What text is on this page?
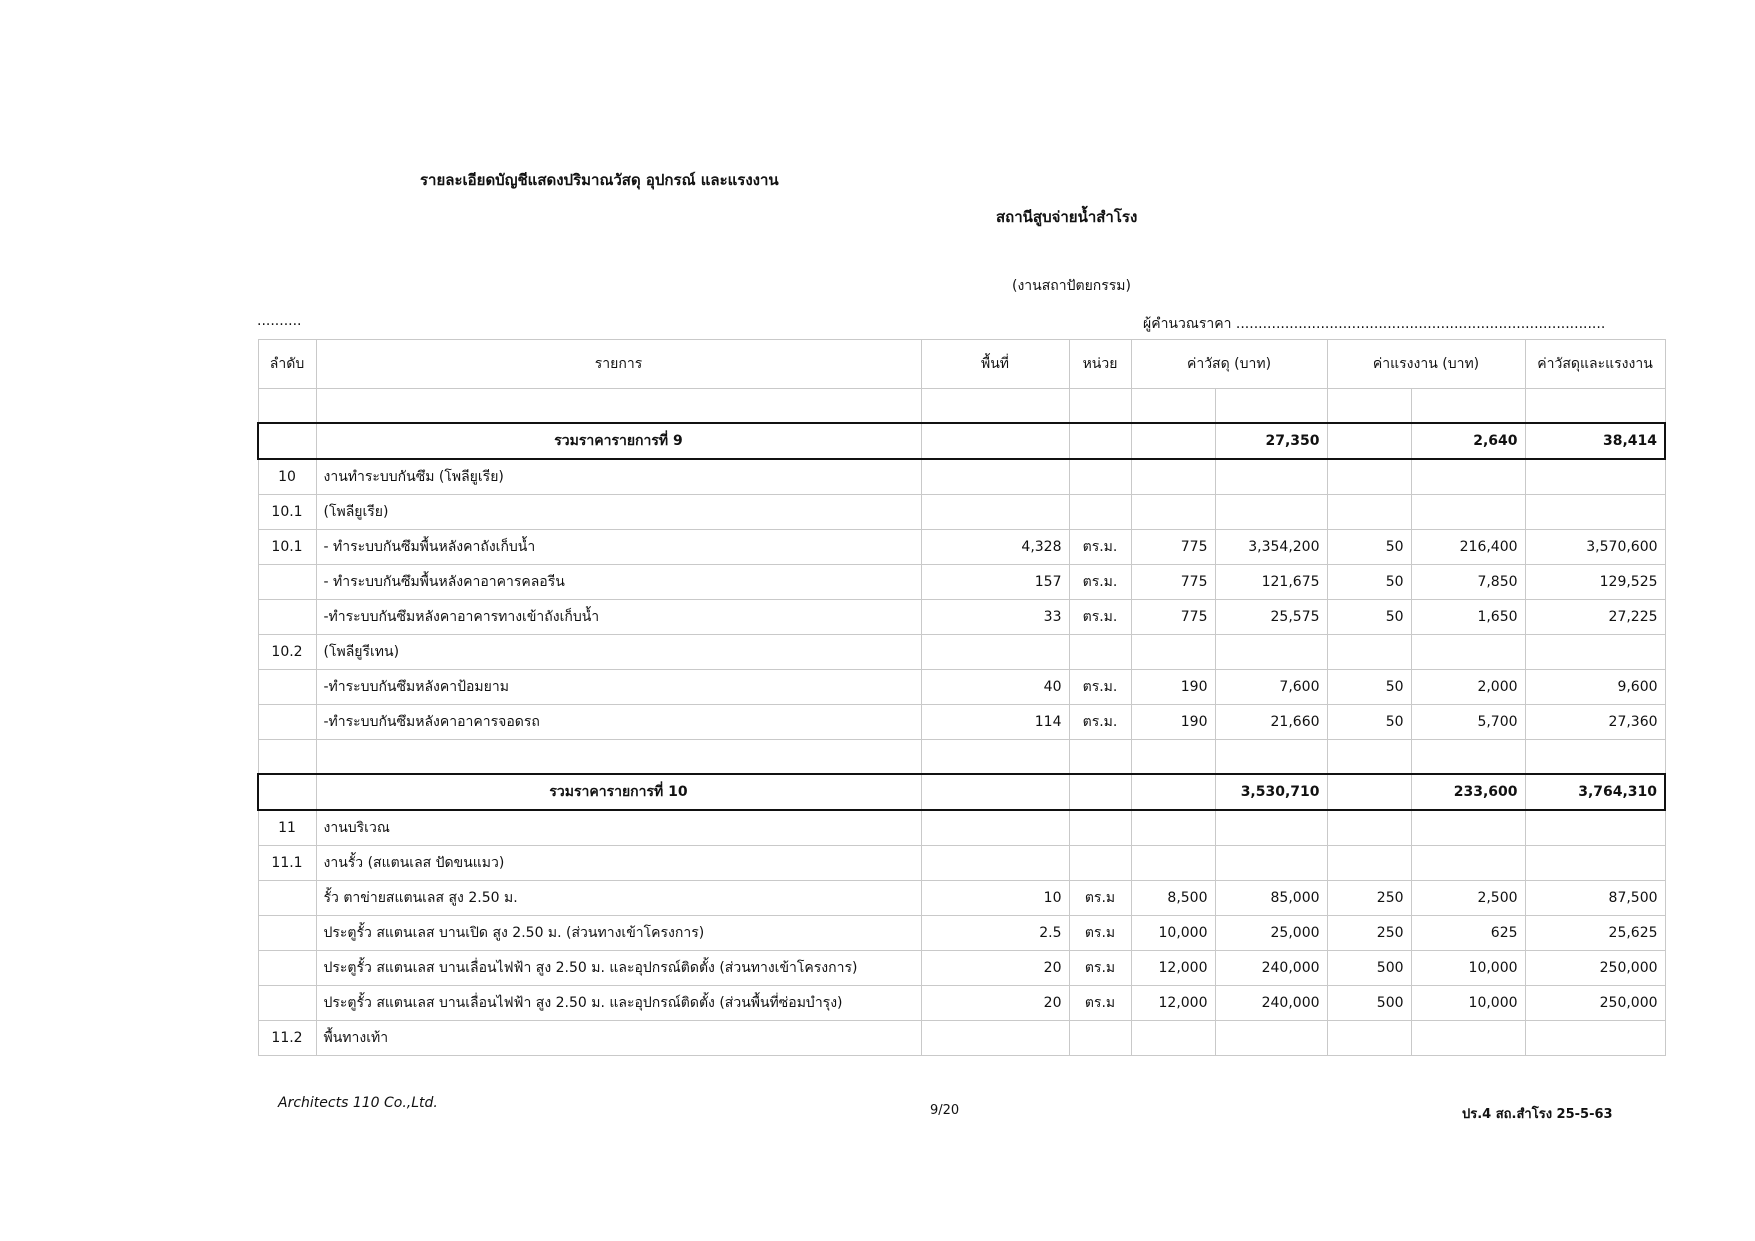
รายละเอียดบัญชีแสดงปริมาณวัสดุ อุปกรณ์ และแรงงาน
สถานีสูบจ่ายน้ำสำโรง
(งานสถาปัตยกรรม)
..........	ผู้คำนวณราคา ...................................................................................
ลำดับ	รายการ	พื้นที่	หน่วย	ค่าวัสดุ (บาท)		ค่าแรงงาน (บาท)		ค่าวัสดุและแรงงาน

	รวมราคารายการที่ 9				27,350		2,640	38,414
10	งานทำระบบกันซึม (โพลียูเรีย)							
10.1	(โพลียูเรีย)							
10.1	- ทำระบบกันซึมพื้นหลังคาถังเก็บน้ำ	4,328	ตร.ม.	775	3,354,200	50	216,400	3,570,600
	- ทำระบบกันซึมพื้นหลังคาอาคารคลอรีน	157	ตร.ม.	775	121,675	50	7,850	129,525
	-ทำระบบกันซึมหลังคาอาคารทางเข้าถังเก็บน้ำ	33	ตร.ม.	775	25,575	50	1,650	27,225
10.2	(โพลียูรีเทน)							
	-ทำระบบกันซึมหลังคาป้อมยาม	40	ตร.ม.	190	7,600	50	2,000	9,600
	-ทำระบบกันซึมหลังคาอาคารจอดรถ	114	ตร.ม.	190	21,660	50	5,700	27,360

	รวมราคารายการที่ 10				3,530,710		233,600	3,764,310
11	งานบริเวณ							
11.1	งานรั้ว (สแตนเลส ปัดขนแมว)							
	รั้ว ตาข่ายสแตนเลส สูง 2.50 ม.	10	ตร.ม	8,500	85,000	250	2,500	87,500
	ประตูรั้ว สแตนเลส บานเปิด สูง 2.50 ม. (ส่วนทางเข้าโครงการ)	2.5	ตร.ม	10,000	25,000	250	625	25,625
	ประตูรั้ว สแตนเลส บานเลื่อนไฟฟ้า สูง 2.50 ม. และอุปกรณ์ติดตั้ง (ส่วนทางเข้าโครงการ)	20	ตร.ม	12,000	240,000	500	10,000	250,000
	ประตูรั้ว สแตนเลส บานเลื่อนไฟฟ้า สูง 2.50 ม. และอุปกรณ์ติดตั้ง (ส่วนพื้นที่ซ่อมบำรุง)	20	ตร.ม	12,000	240,000	500	10,000	250,000
11.2	พื้นทางเท้า							
Architects 110 Co.,Ltd.	9/20	ปร.4 สถ.สำโรง 25-5-63
